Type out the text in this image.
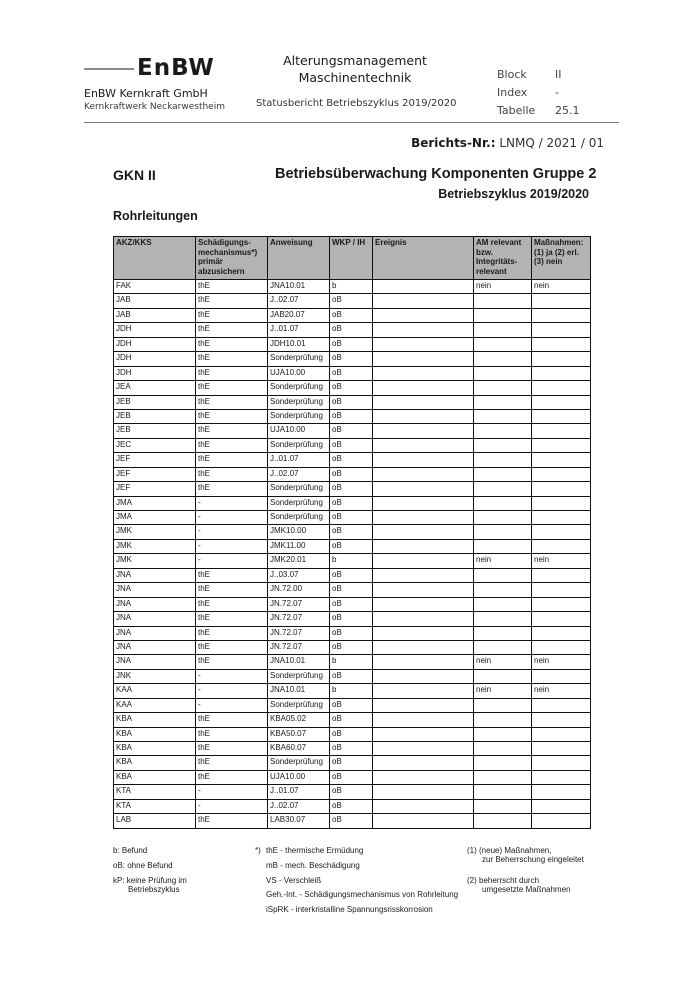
EnBW
EnBW Kernkraft GmbH
Kernkraftwerk Neckarwestheim
Alterungsmanagement
Maschinentechnik
Statusbericht Betriebszyklus 2019/2020
Block	II
Index	-
Tabelle 25.1
Berichts-Nr.: LNMQ / 2021 / 01
GKN II	Betriebsüberwachung Komponenten Gruppe 2
Betriebszyklus 2019/2020
Rohrleitungen
AKZ/KKS	Schädigungs-mechanismus*) primär abzusichern	Anweisung	WKP / IH	Ereignis	AM relevant bzw. Integritäts-relevant	Maßnahmen: (1) ja (2) erl. (3) nein
FAK	thE	JNA10.01	b		nein	nein
JAB	thE	J..02.07	oB			
JAB	thE	JAB20.07	oB			
JDH	thE	J..01.07	oB			
JDH	thE	JDH10.01	oB			
JDH	thE	Sonderprüfung	oB			
JDH	thE	UJA10.00	oB			
JEA	thE	Sonderprüfung	oB			
JEB	thE	Sonderprüfung	oB			
JEB	thE	Sonderprüfung	oB			
JEB	thE	UJA10.00	oB			
JEC	thE	Sonderprüfung	oB			
JEF	thE	J..01.07	oB			
JEF	thE	J..02.07	oB			
JEF	thE	Sonderprüfung	oB			
JMA	-	Sonderprüfung	oB			
JMA	-	Sonderprüfung	oB			
JMK	-	JMK10.00	oB			
JMK	-	JMK11.00	oB			
JMK	-	JMK20.01	b		nein	nein
JNA	thE	J..03.07	oB			
JNA	thE	JN.72.00	oB			
JNA	thE	JN.72.07	oB			
JNA	thE	JN.72.07	oB			
JNA	thE	JN.72.07	oB			
JNA	thE	JN.72.07	oB			
JNA	thE	JNA10.01	b		nein	nein
JNK	-	Sonderprüfung	oB			
KAA	-	JNA10.01	b		nein	nein
KAA	-	Sonderprüfung	oB			
KBA	thE	KBA05.02	oB			
KBA	thE	KBA50.07	oB			
KBA	thE	KBA60.07	oB			
KBA	thE	Sonderprüfung	oB			
KBA	thE	UJA10.00	oB			
KTA	-	J..01.07	oB			
KTA	-	J..02.07	oB			
LAB	thE	LAB30.07	oB			
b: Befund
oB: ohne Befund
kP: keine Prüfung im
Betriebszyklus
*) thE - thermische Ermüdung
mB - mech. Beschädigung
VS - Verschleiß
Geh.-Int. - Schädigungsmechanismus von Rohrleitung
iSpRK - interkristalline Spannungsrisskorrosion
(1) (neue) Maßnahmen,
zur Beherrschung eingeleitet
(2) beherrscht durch
umgesetzte Maßnahmen
